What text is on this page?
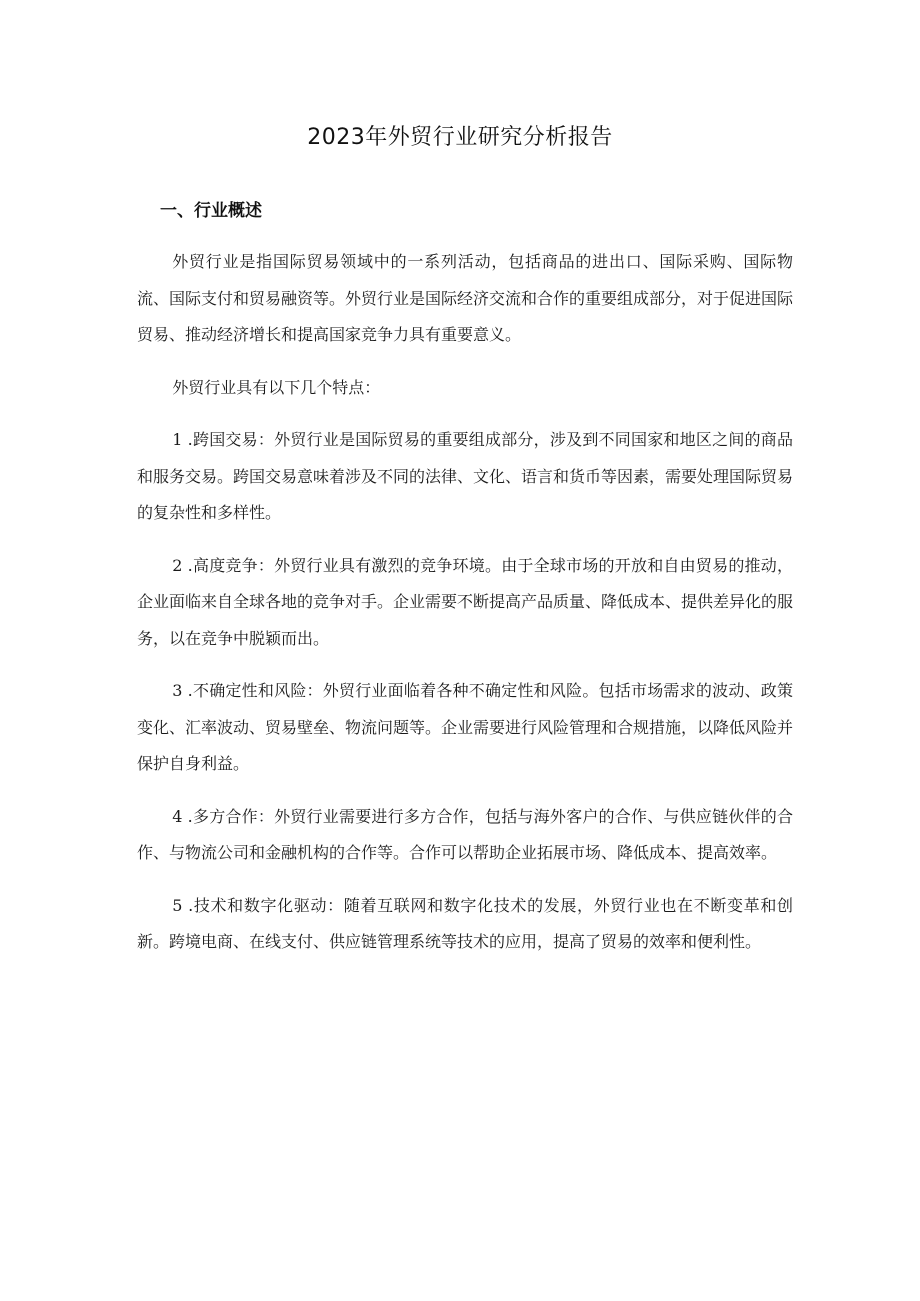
2023年外贸行业研究分析报告
一、行业概述

外贸行业是指国际贸易领域中的一系列活动，包括商品的进出口、国际采购、国际物流、国际支付和贸易融资等。外贸行业是国际经济交流和合作的重要组成部分，对于促进国际贸易、推动经济增长和提高国家竞争力具有重要意义。

外贸行业具有以下几个特点：

1 .跨国交易：外贸行业是国际贸易的重要组成部分，涉及到不同国家和地区之间的商品和服务交易。跨国交易意味着涉及不同的法律、文化、语言和货币等因素，需要处理国际贸易的复杂性和多样性。

2 .高度竞争：外贸行业具有激烈的竞争环境。由于全球市场的开放和自由贸易的推动，企业面临来自全球各地的竞争对手。企业需要不断提高产品质量、降低成本、提供差异化的服务，以在竞争中脱颖而出。

3 .不确定性和风险：外贸行业面临着各种不确定性和风险。包括市场需求的波动、政策变化、汇率波动、贸易壁垒、物流问题等。企业需要进行风险管理和合规措施，以降低风险并保护自身利益。

4 .多方合作：外贸行业需要进行多方合作，包括与海外客户的合作、与供应链伙伴的合作、与物流公司和金融机构的合作等。合作可以帮助企业拓展市场、降低成本、提高效率。

5 .技术和数字化驱动：随着互联网和数字化技术的发展，外贸行业也在不断变革和创新。跨境电商、在线支付、供应链管理系统等技术的应用，提高了贸易的效率和便利性。
